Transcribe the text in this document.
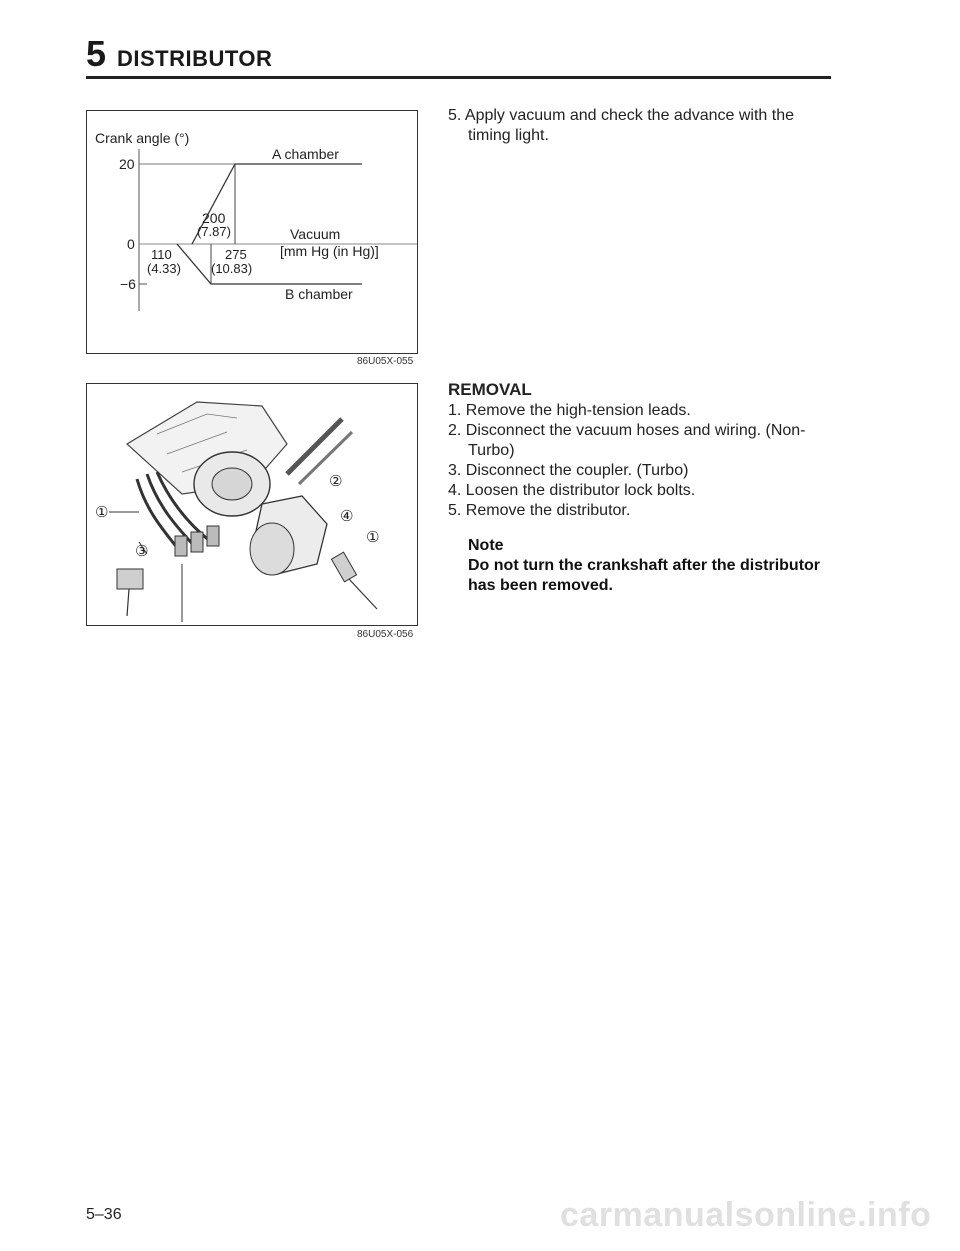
5 DISTRIBUTOR
Crank angle (°)
20
0
−6
A chamber
B chamber
200
(7.87)	Vacuum
[mm Hg (in Hg)]
110
(4.33)
275
(10.83)
86U05X-055
①
②
③
④
①
86U05X-056
5. Apply vacuum and check the advance with the timing light.
REMOVAL
1. Remove the high-tension leads.
2. Disconnect the vacuum hoses and wiring. (Non-Turbo)
3. Disconnect the coupler. (Turbo)
4. Loosen the distributor lock bolts.
5. Remove the distributor.
Note
Do not turn the crankshaft after the distributor has been removed.
5–36	carmanualsonline.info
